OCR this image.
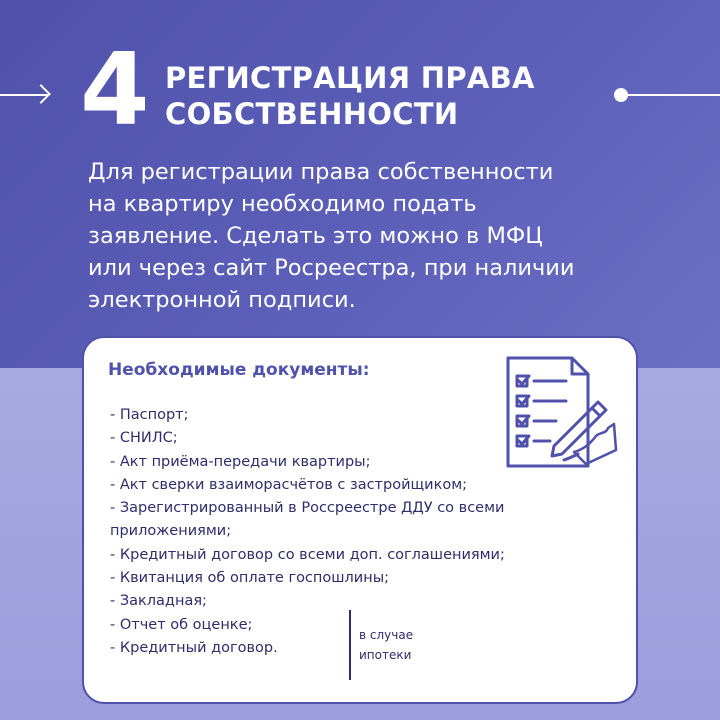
4 РЕГИСТРАЦИЯ ПРАВА
СОБСТВЕННОСТИ
Для регистрации права собственности
на квартиру необходимо подать
заявление. Сделать это можно в МФЦ
или через сайт Росреестра, при наличии
электронной подписи.
Необходимые документы:
- Паспорт;
- СНИЛС;
- Акт приёма-передачи квартиры;
- Акт сверки взаиморасчётов с застройщиком;
- Зарегистрированный в Россреестре ДДУ со всеми
приложениями;
- Кредитный договор со всеми доп. соглашениями;
- Квитанция об оплате госпошлины;
- Закладная;
- Отчет об оценке;
- Кредитный договор.
в случае
ипотеки
